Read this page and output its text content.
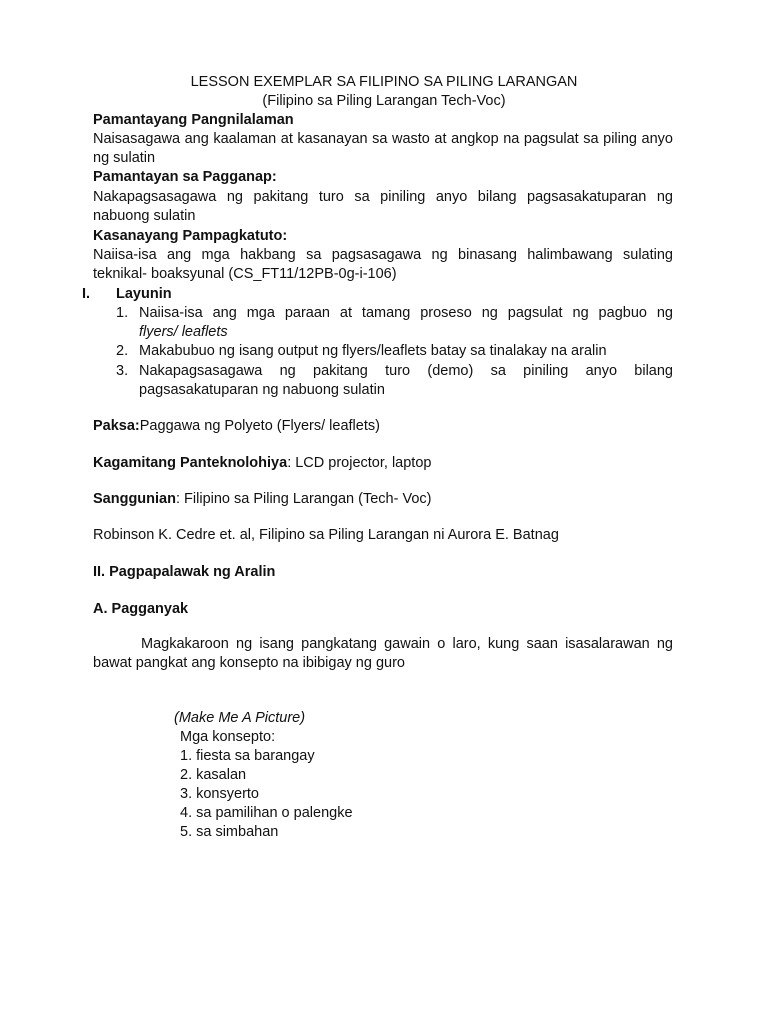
LESSON EXEMPLAR SA FILIPINO SA PILING LARANGAN
(Filipino sa Piling Larangan Tech-Voc)
Pamantayang Pangnilalaman
Naisasagawa ang kaalaman at kasanayan sa wasto at angkop na pagsulat sa piling anyo ng sulatin
Pamantayan sa Pagganap:
Nakapagsasagawa ng pakitang turo sa piniling anyo bilang pagsasakatuparan ng nabuong sulatin
Kasanayang Pampagkatuto:
Naiisa-isa ang mga hakbang sa pagsasagawa ng binasang halimbawang sulating teknikal- boaksyunal (CS_FT11/12PB-0g-i-106)
I. Layunin
1. Naiisa-isa ang mga paraan at tamang proseso ng pagsulat ng pagbuo ng
flyers/ leaflets
2. Makabubuo ng isang output ng flyers/leaflets batay sa tinalakay na aralin
3. Nakapagsasagawa ng pakitang turo (demo) sa piniling anyo bilang pagsasakatuparan ng nabuong sulatin
Paksa:Paggawa ng Polyeto (Flyers/ leaflets)
Kagamitang Panteknolohiya: LCD projector, laptop
Sanggunian: Filipino sa Piling Larangan (Tech- Voc)
Robinson K. Cedre et. al, Filipino sa Piling Larangan ni Aurora E. Batnag
II. Pagpapalawak ng Aralin
A. Pagganyak
Magkakaroon ng isang pangkatang gawain o laro, kung saan isasalarawan ng bawat pangkat ang konsepto na ibibigay ng guro
(Make Me A Picture)
Mga konsepto:
1. fiesta sa barangay
2. kasalan
3. konsyerto
4. sa pamilihan o palengke
5. sa simbahan
